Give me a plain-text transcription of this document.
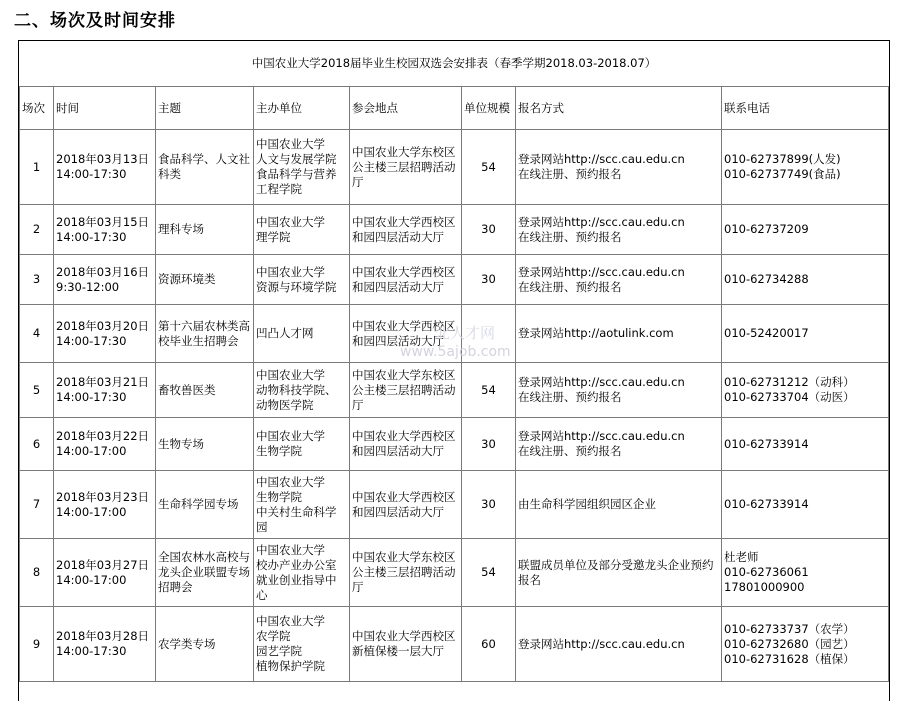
二、场次及时间安排
中国农业大学2018届毕业生校园双选会安排表（春季学期2018.03-2018.07）							
场次	时间	主题	主办单位	参会地点	单位规模	报名方式	联系电话
1	2018年03月13日
14:00-17:30	食品科学、人文社科类	中国农业大学
人文与发展学院
食品科学与营养工程学院	中国农业大学东校区公主楼三层招聘活动厅	54	登录网站http://scc.cau.edu.cn
在线注册、预约报名	010-62737899(人发)
010-62737749(食品)
2	2018年03月15日
14:00-17:30	理科专场	中国农业大学
理学院	中国农业大学西校区 和园四层活动大厅	30	登录网站http://scc.cau.edu.cn
在线注册、预约报名	010-62737209
3	2018年03月16日
9:30-12:00	资源环境类	中国农业大学
资源与环境学院	中国农业大学西校区 和园四层活动大厅	30	登录网站http://scc.cau.edu.cn
在线注册、预约报名	010-62734288
4	2018年03月20日
14:00-17:30	第十六届农林类高校毕业生招聘会	凹凸人才网	中国农业大学西校区 和园四层活动大厅		登录网站http://aotulink.com	010-52420017
5	2018年03月21日
14:00-17:30	畜牧兽医类	中国农业大学
动物科技学院、
动物医学院	中国农业大学东校区公主楼三层招聘活动厅	54	登录网站http://scc.cau.edu.cn
在线注册、预约报名	010-62731212（动科）
010-62733704（动医）
6	2018年03月22日
14:00-17:00	生物专场	中国农业大学
生物学院	中国农业大学西校区 和园四层活动大厅	30	登录网站http://scc.cau.edu.cn
在线注册、预约报名	010-62733914
7	2018年03月23日
14:00-17:00	生命科学园专场	中国农业大学
生物学院
中关村生命科学园	中国农业大学西校区 和园四层活动大厅	30	由生命科学园组织园区企业	010-62733914
8	2018年03月27日
14:00-17:00	全国农林水高校与龙头企业联盟专场招聘会	中国农业大学
校办产业办公室
就业创业指导中心	中国农业大学东校区公主楼三层招聘活动厅	54	联盟成员单位及部分受邀龙头企业预约报名	杜老师
010-62736061
17801000900
9	2018年03月28日
14:00-17:30	农学类专场	中国农业大学
农学院
园艺学院
植物保护学院	中国农业大学西校区 新植保楼一层大厅	60	登录网站http://scc.cau.edu.cn	010-62733737（农学）
010-62732680（园艺）
010-62731628（植保）
北人才网
www.5ajob.com
